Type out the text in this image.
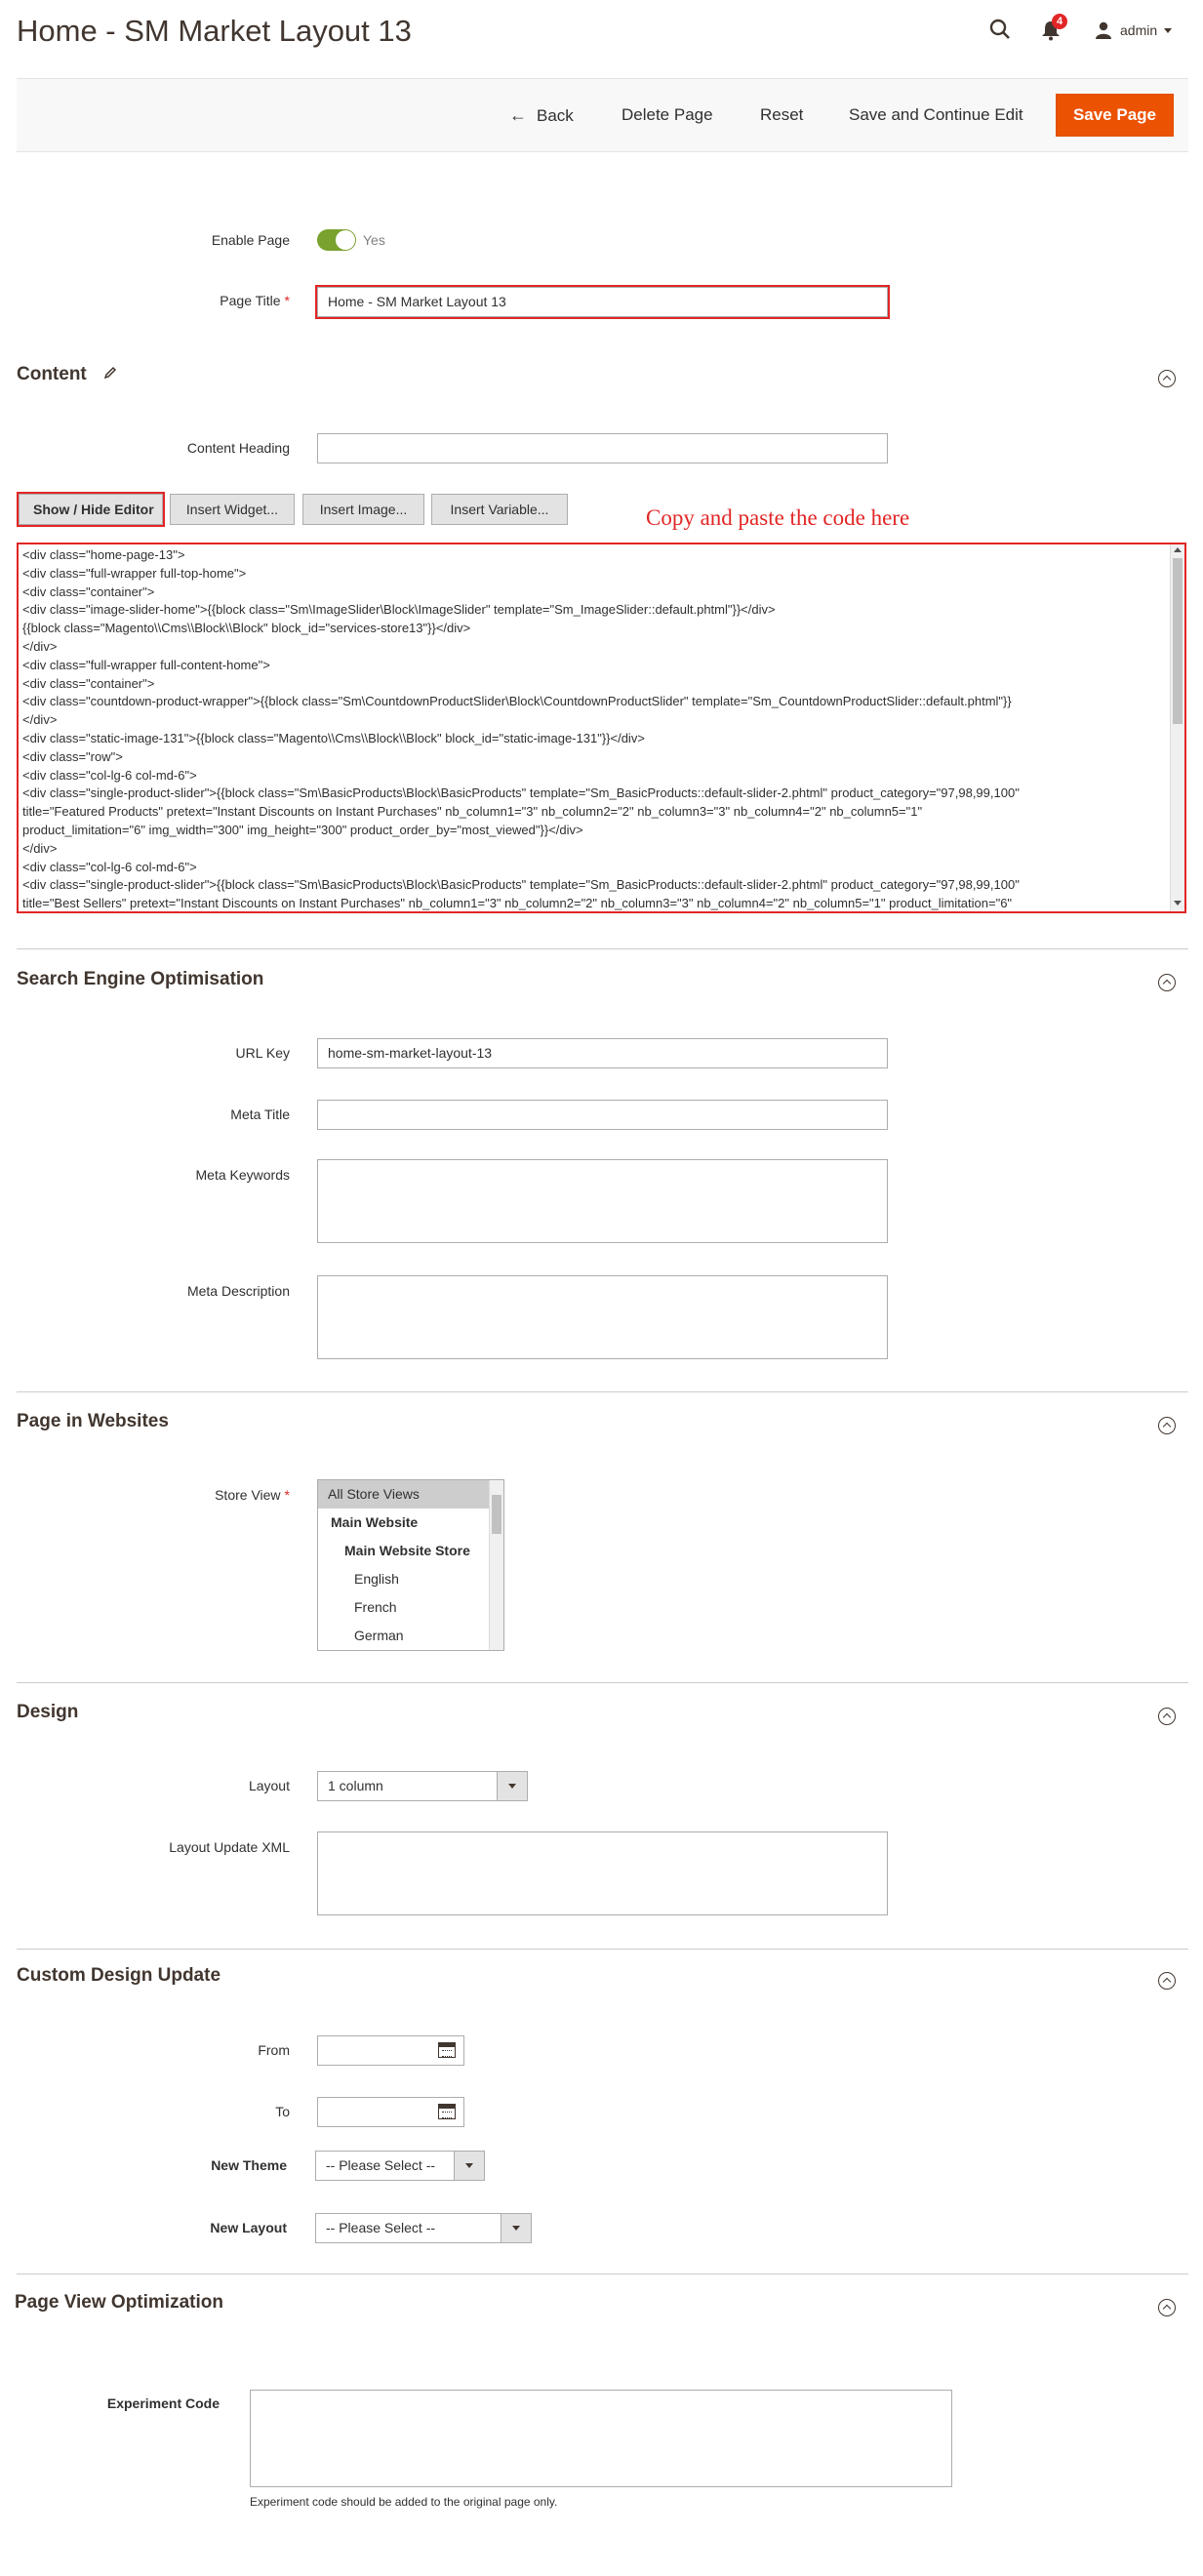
Home - SM Market Layout 13	4
admin
← Back	Delete Page	Reset	Save and Continue Edit	Save Page
Enable Page	Yes
Page Title *	Home - SM Market Layout 13
Content
Content Heading
Show / Hide Editor	Insert Widget...	Insert Image...	Insert Variable...	Copy and paste the code here
<div class="home-page-13">
<div class="full-wrapper full-top-home">
<div class="container">
<div class="image-slider-home">{{block class="Sm\ImageSlider\Block\ImageSlider" template="Sm_ImageSlider::default.phtml"}}</div>
{{block class="Magento\\Cms\\Block\\Block" block_id="services-store13"}}</div>
</div>
<div class="full-wrapper full-content-home">
<div class="container">
<div class="countdown-product-wrapper">{{block class="Sm\CountdownProductSlider\Block\CountdownProductSlider" template="Sm_CountdownProductSlider::default.phtml"}}
</div>
<div class="static-image-131">{{block class="Magento\\Cms\\Block\\Block" block_id="static-image-131"}}</div>
<div class="row">
<div class="col-lg-6 col-md-6">
<div class="single-product-slider">{{block class="Sm\BasicProducts\Block\BasicProducts" template="Sm_BasicProducts::default-slider-2.phtml" product_category="97,98,99,100"
title="Featured Products" pretext="Instant Discounts on Instant Purchases" nb_column1="3" nb_column2="2" nb_column3="3" nb_column4="2" nb_column5="1"
product_limitation="6" img_width="300" img_height="300" product_order_by="most_viewed"}}</div>
</div>
<div class="col-lg-6 col-md-6">
<div class="single-product-slider">{{block class="Sm\BasicProducts\Block\BasicProducts" template="Sm_BasicProducts::default-slider-2.phtml" product_category="97,98,99,100"
title="Best Sellers" pretext="Instant Discounts on Instant Purchases" nb_column1="3" nb_column2="2" nb_column3="3" nb_column4="2" nb_column5="1" product_limitation="6"
Search Engine Optimisation
URL Key	home-sm-market-layout-13
Meta Title
Meta Keywords
Meta Description
Page in Websites
Store View *	All Store Views
Main Website
Main Website Store
English
French
German
Design
Layout	1 column
Layout Update XML
Custom Design Update
From
To
New Theme	-- Please Select --
New Layout	-- Please Select --
Page View Optimization
Experiment Code
Experiment code should be added to the original page only.
